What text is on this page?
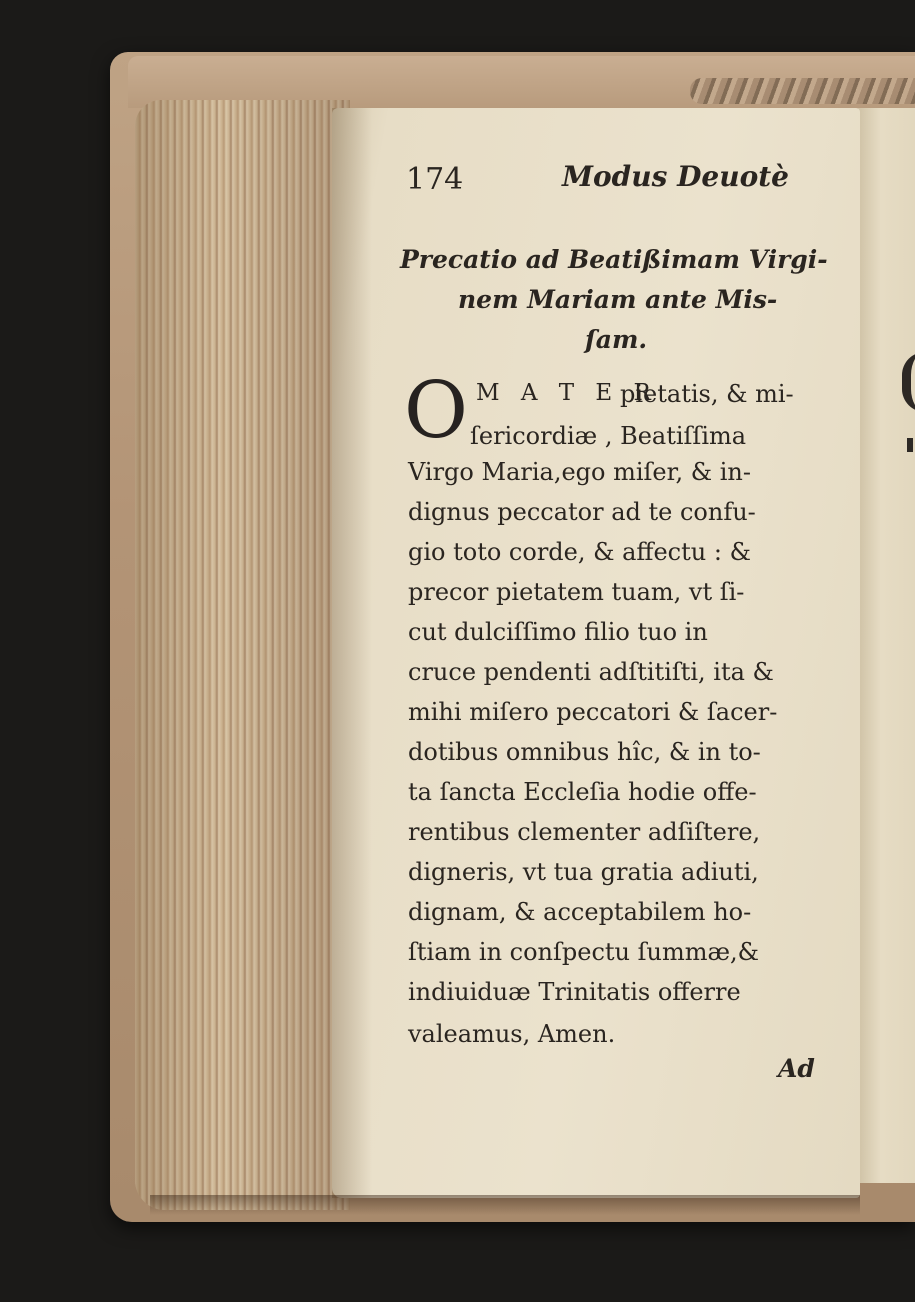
174	Modus Deuotè
Precatio ad Beatißimam Virgi-
nem Mariam ante Mis-
ſam.
O M A T E R
pietatis, & mi-
ſericordiæ , Beatiſſima
Virgo Maria,ego miſer, & in-
dignus peccator ad te confu-
gio toto corde, & affectu : &
precor pietatem tuam, vt ſi-
cut dulciſſimo filio tuo in
cruce pendenti adſtitiſti, ita &
mihi miſero peccatori & ſacer-
dotibus omnibus hîc, & in to-
ta ſancta Eccleſia hodie offe-
rentibus clementer adſiſtere,
digneris, vt tua gratia adiuti,
dignam, & acceptabilem ho-
ſtiam in conſpectu ſummæ,&
indiuiduæ Trinitatis offerre
valeamus, Amen.
Ad
